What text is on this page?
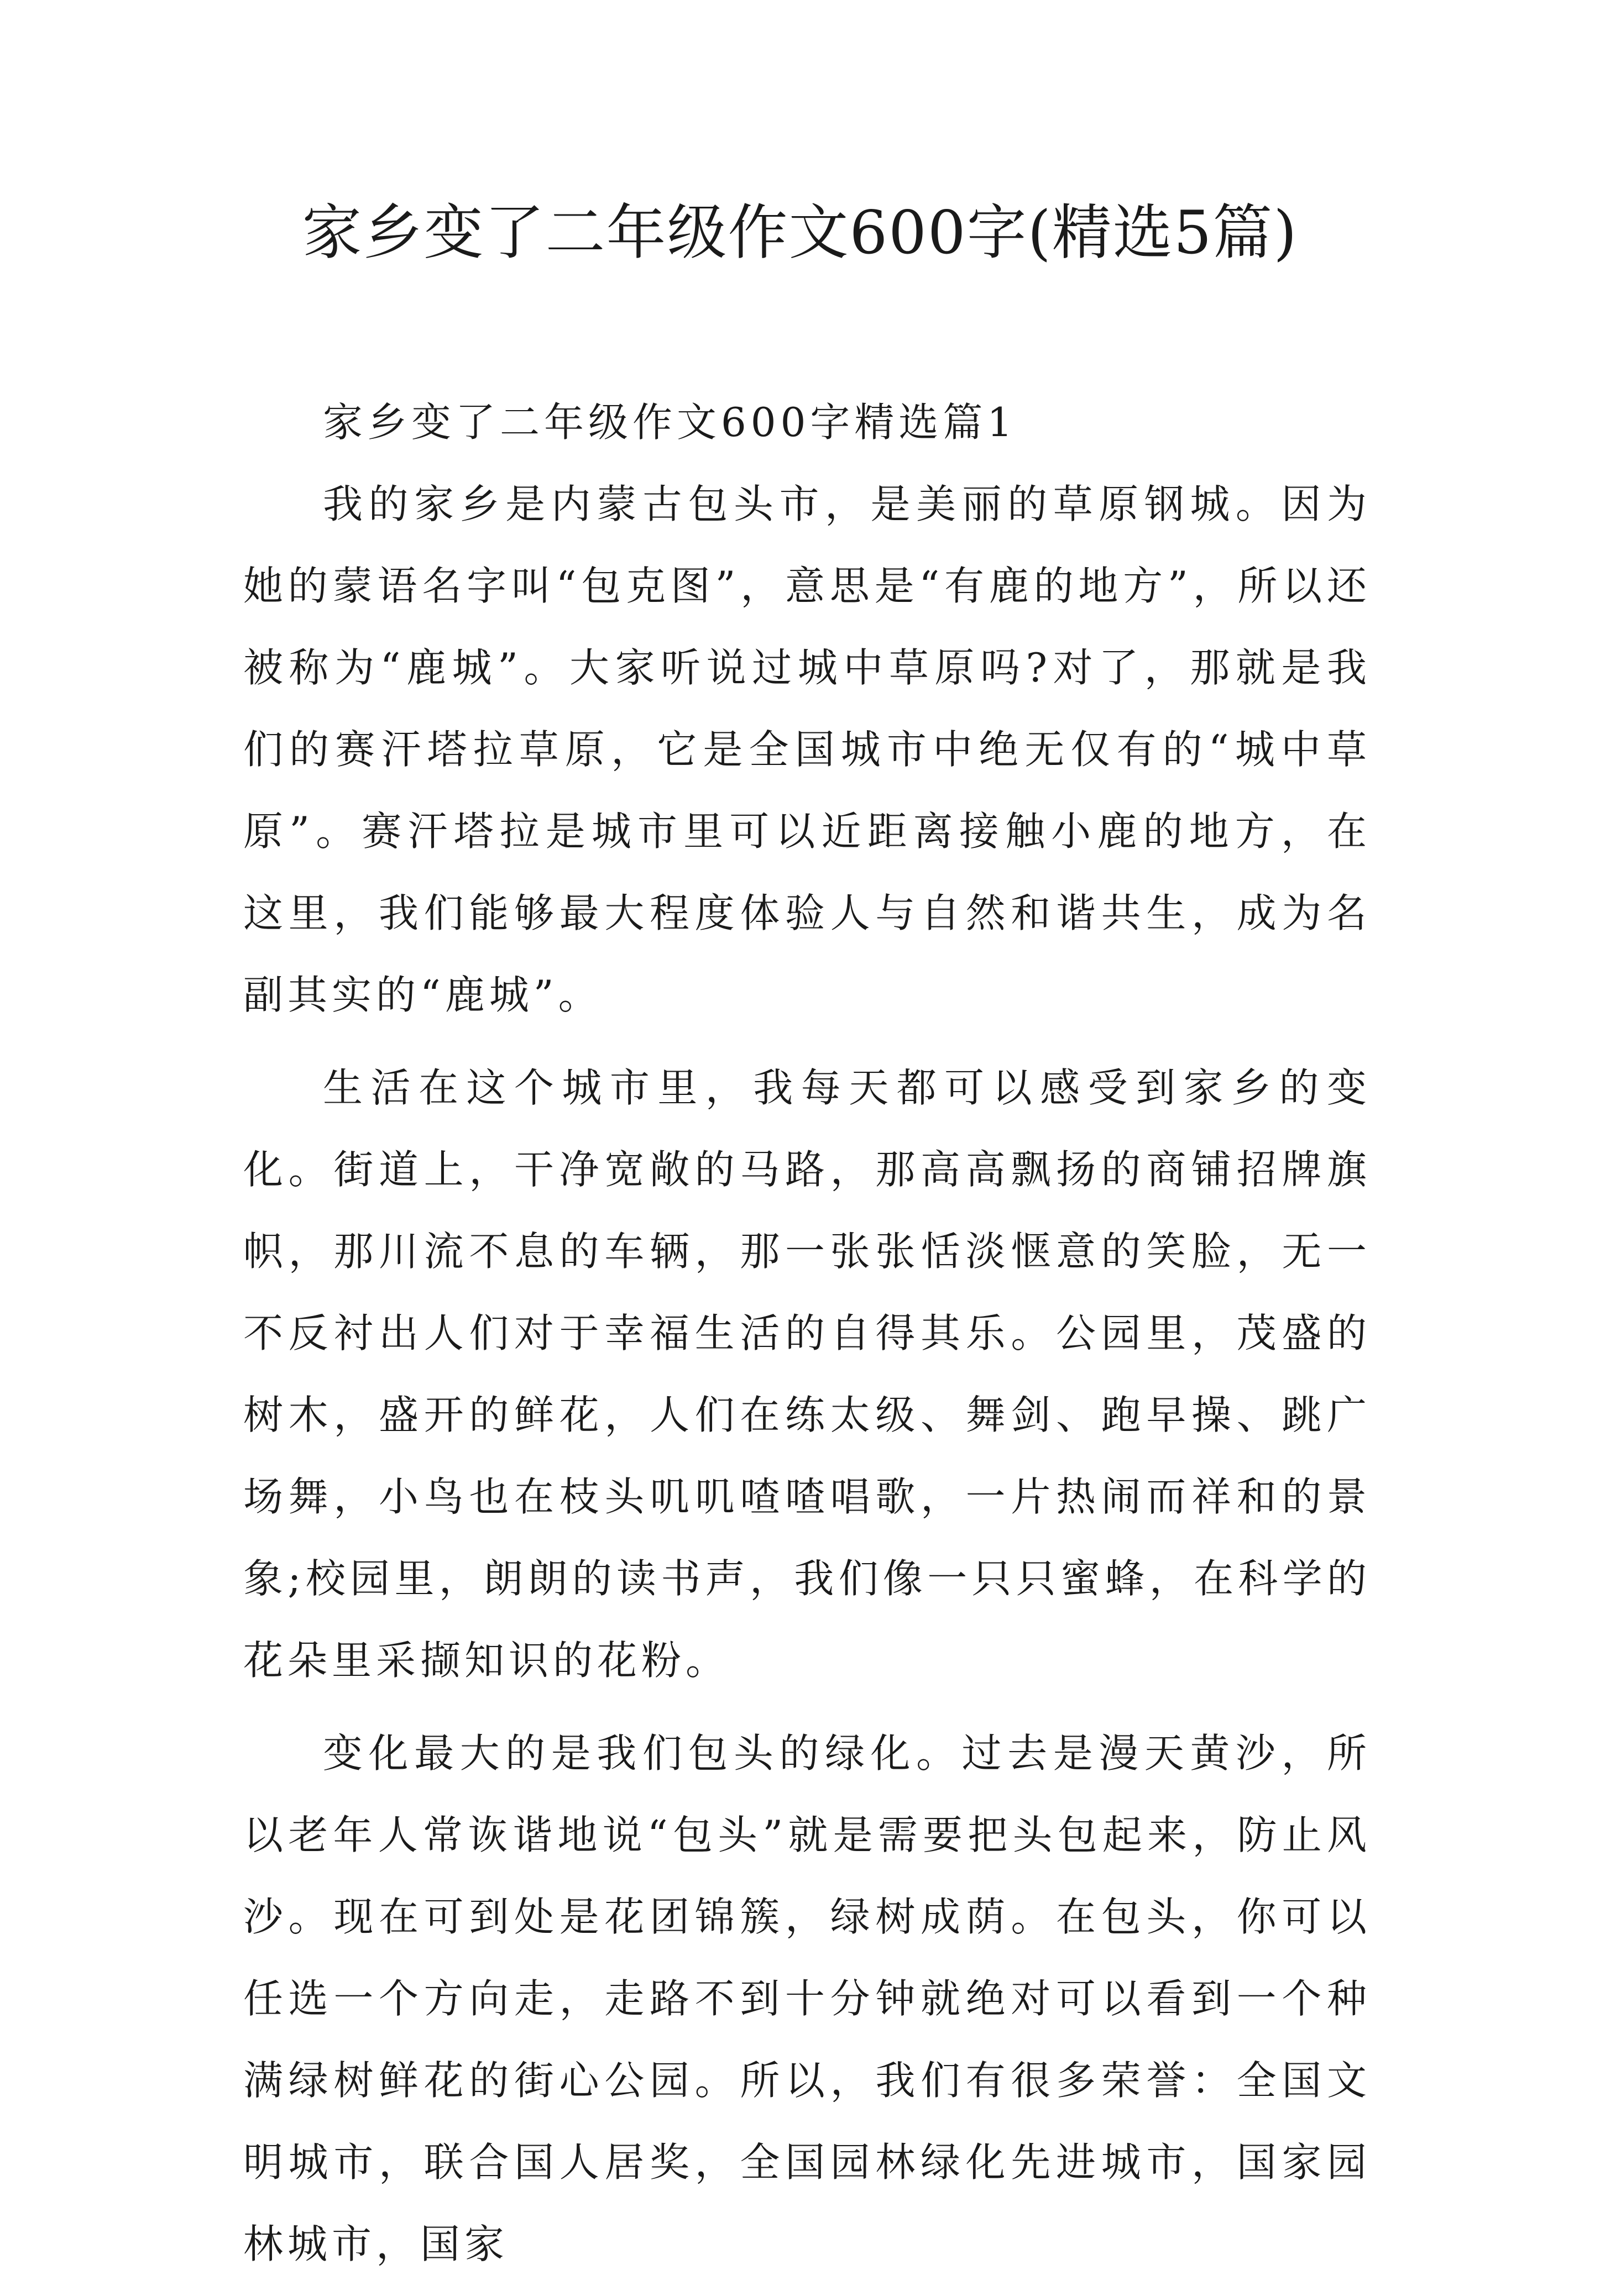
家乡变了二年级作文600字(精选5篇)

家乡变了二年级作文600字精选篇1

我的家乡是内蒙古包头市，是美丽的草原钢城。因为她的蒙语名字叫“包克图”，意思是“有鹿的地方”，所以还被称为“鹿城”。大家听说过城中草原吗?对了，那就是我们的赛汗塔拉草原，它是全国城市中绝无仅有的“城中草原”。赛汗塔拉是城市里可以近距离接触小鹿的地方，在这里，我们能够最大程度体验人与自然和谐共生，成为名副其实的“鹿城”。

生活在这个城市里，我每天都可以感受到家乡的变化。街道上，干净宽敞的马路，那高高飘扬的商铺招牌旗帜，那川流不息的车辆，那一张张恬淡惬意的笑脸，无一不反衬出人们对于幸福生活的自得其乐。公园里，茂盛的树木，盛开的鲜花，人们在练太级、舞剑、跑早操、跳广场舞，小鸟也在枝头叽叽喳喳唱歌，一片热闹而祥和的景象;校园里，朗朗的读书声，我们像一只只蜜蜂，在科学的花朵里采撷知识的花粉。

变化最大的是我们包头的绿化。过去是漫天黄沙，所以老年人常诙谐地说“包头”就是需要把头包起来，防止风沙。现在可到处是花团锦簇，绿树成荫。在包头，你可以任选一个方向走，走路不到十分钟就绝对可以看到一个种满绿树鲜花的街心公园。所以，我们有很多荣誉：全国文明城市，联合国人居奖，全国园林绿化先进城市，国家园林城市，国家
